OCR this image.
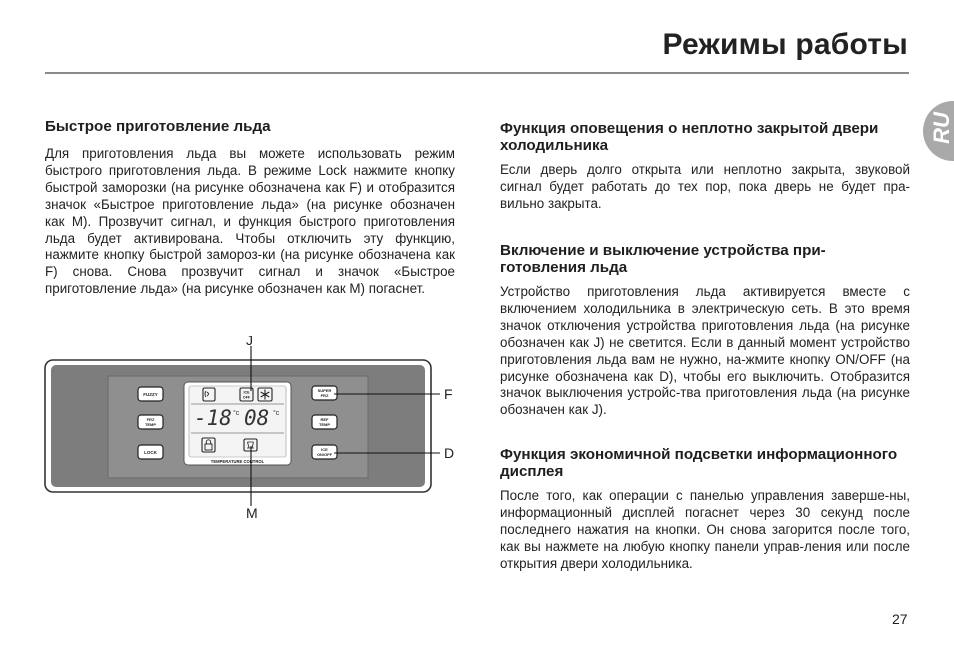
Режимы работы
RU
Быстрое приготовление льда

Для приготовления льда вы можете использовать режим быстрого приготовления льда. В режиме Lock нажмите кнопку быстрой заморозки (на рисунке обозначена как F) и отобразится значок «Быстрое приготовление льда» (на рисунке обозначен как M). Прозвучит сигнал, и функция быстрого приготовления льда будет активирована. Чтобы отключить эту функцию, нажмите кнопку быстрой замороз-ки (на рисунке обозначена как F) снова. Снова прозвучит сигнал и значок «Быстрое приготовление льда» (на рисунке обозначен как M) погаснет.

FUZZY
FRZ
TEMP
LOCK
SUPER
FRZ
REF
TEMP
ICE
ON/OFF
ICE
OFF
-18 °c 08 °c
TEMPERATURE CONTROL
J
F
D
M
Функция оповещения о неплотно закрытой двери холодильника

Если дверь долго открыта или неплотно закрыта, звуковой сигнал будет работать до тех пор, пока дверь не будет пра-вильно закрыта.

Включение и выключение устройства при-готовления льда

Устройство приготовления льда активируется вместе с включением холодильника в электрическую сеть. В это время значок отключения устройства приготовления льда (на рисунке обозначен как J) не светится. Если в данный момент устройство приготовления льда вам не нужно, на-жмите кнопку ON/OFF (на рисунке обозначена как D), чтобы его выключить. Отобразится значок выключения устройс-тва приготовления льда (на рисунке обозначен как J).

Функция экономичной подсветки информационного дисплея

После того, как операции с панелью управления заверше-ны, информационный дисплей погаснет через 30 секунд после последнего нажатия на кнопки. Он снова загорится после того, как вы нажмете на любую кнопку панели управ-ления или после открытия двери холодильника.

27
